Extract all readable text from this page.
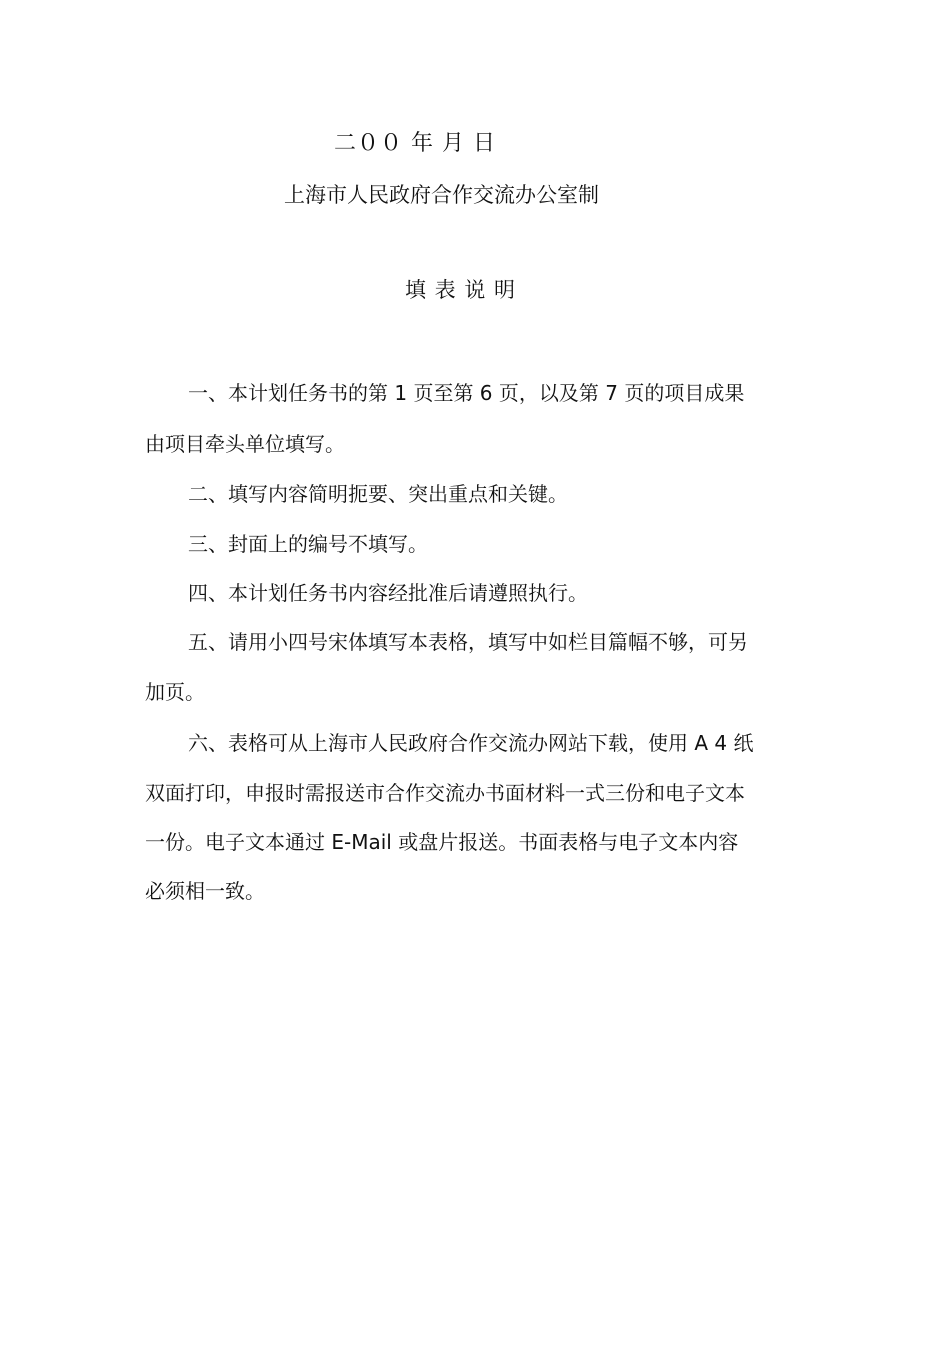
二００ 年 月 日

上海市人民政府合作交流办公室制

填 表 说 明

一、本计划任务书的第 1 页至第 6 页，以及第 7 页的项目成果

由项目牵头单位填写。

二、填写内容简明扼要、突出重点和关键。

三、封面上的编号不填写。

四、本计划任务书内容经批准后请遵照执行。

五、请用小四号宋体填写本表格，填写中如栏目篇幅不够，可另

加页。

六、表格可从上海市人民政府合作交流办网站下载，使用 A 4 纸

双面打印，申报时需报送市合作交流办书面材料一式三份和电子文本

一份。电子文本通过 E-Mail 或盘片报送。书面表格与电子文本内容

必须相一致。
